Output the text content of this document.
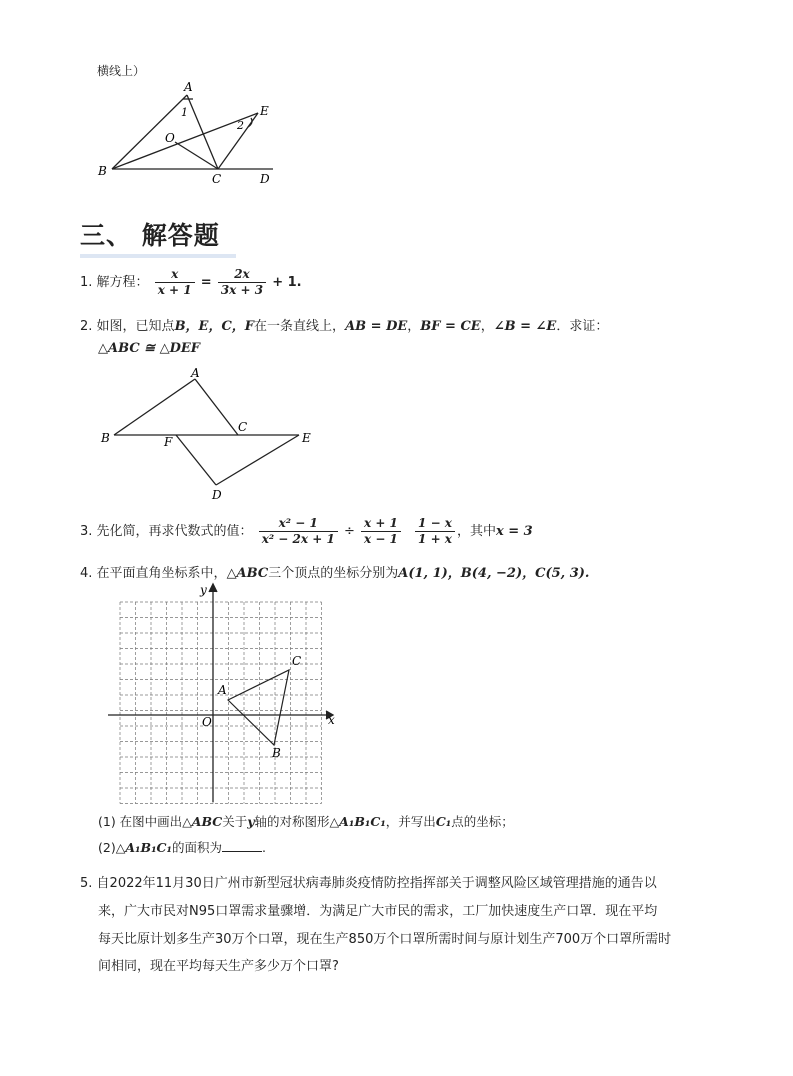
横线上）
A
B
C	D
E
O
1
2
三、 解答题
1. 解方程： $\frac{x}{x + 1} = \frac{2x}{3x + 3} + 1$.
2. 如图，已知点B，E，C，F在一条直线上，AB = DE，BF = CE，∠B = ∠E．求证：
△ABC ≅ △DEF
A
B
C
D
E
F
3. 先化简，再求代数式的值： $\frac{\text{x² − 1}}{\text{x² − 2x + 1}} \div \frac{x + 1}{x - 1}$
$\frac{1 - x}{1 + x}$ ，其中x = 3
4. 在平面直角坐标系中，△ABC三个顶点的坐标分别为A(1, 1)，B(4, −2)，C(5, 3).
x
y
O
A
B
C
(1) 在图中画出△ABC关于y轴的对称图形△A₁B₁C₁，并写出C₁点的坐标；
(2)△A₁B₁C₁的面积为	.
5. 自2022年11月30日广州市新型冠状病毒肺炎疫情防控指挥部关于调整风险区域管理措施的通告以
来，广大市民对N95口罩需求量骤增．为满足广大市民的需求，工厂加快速度生产口罩．现在平均
每天比原计划多生产30万个口罩，现在生产850万个口罩所需时间与原计划生产700万个口罩所需时
间相同，现在平均每天生产多少万个口罩?
